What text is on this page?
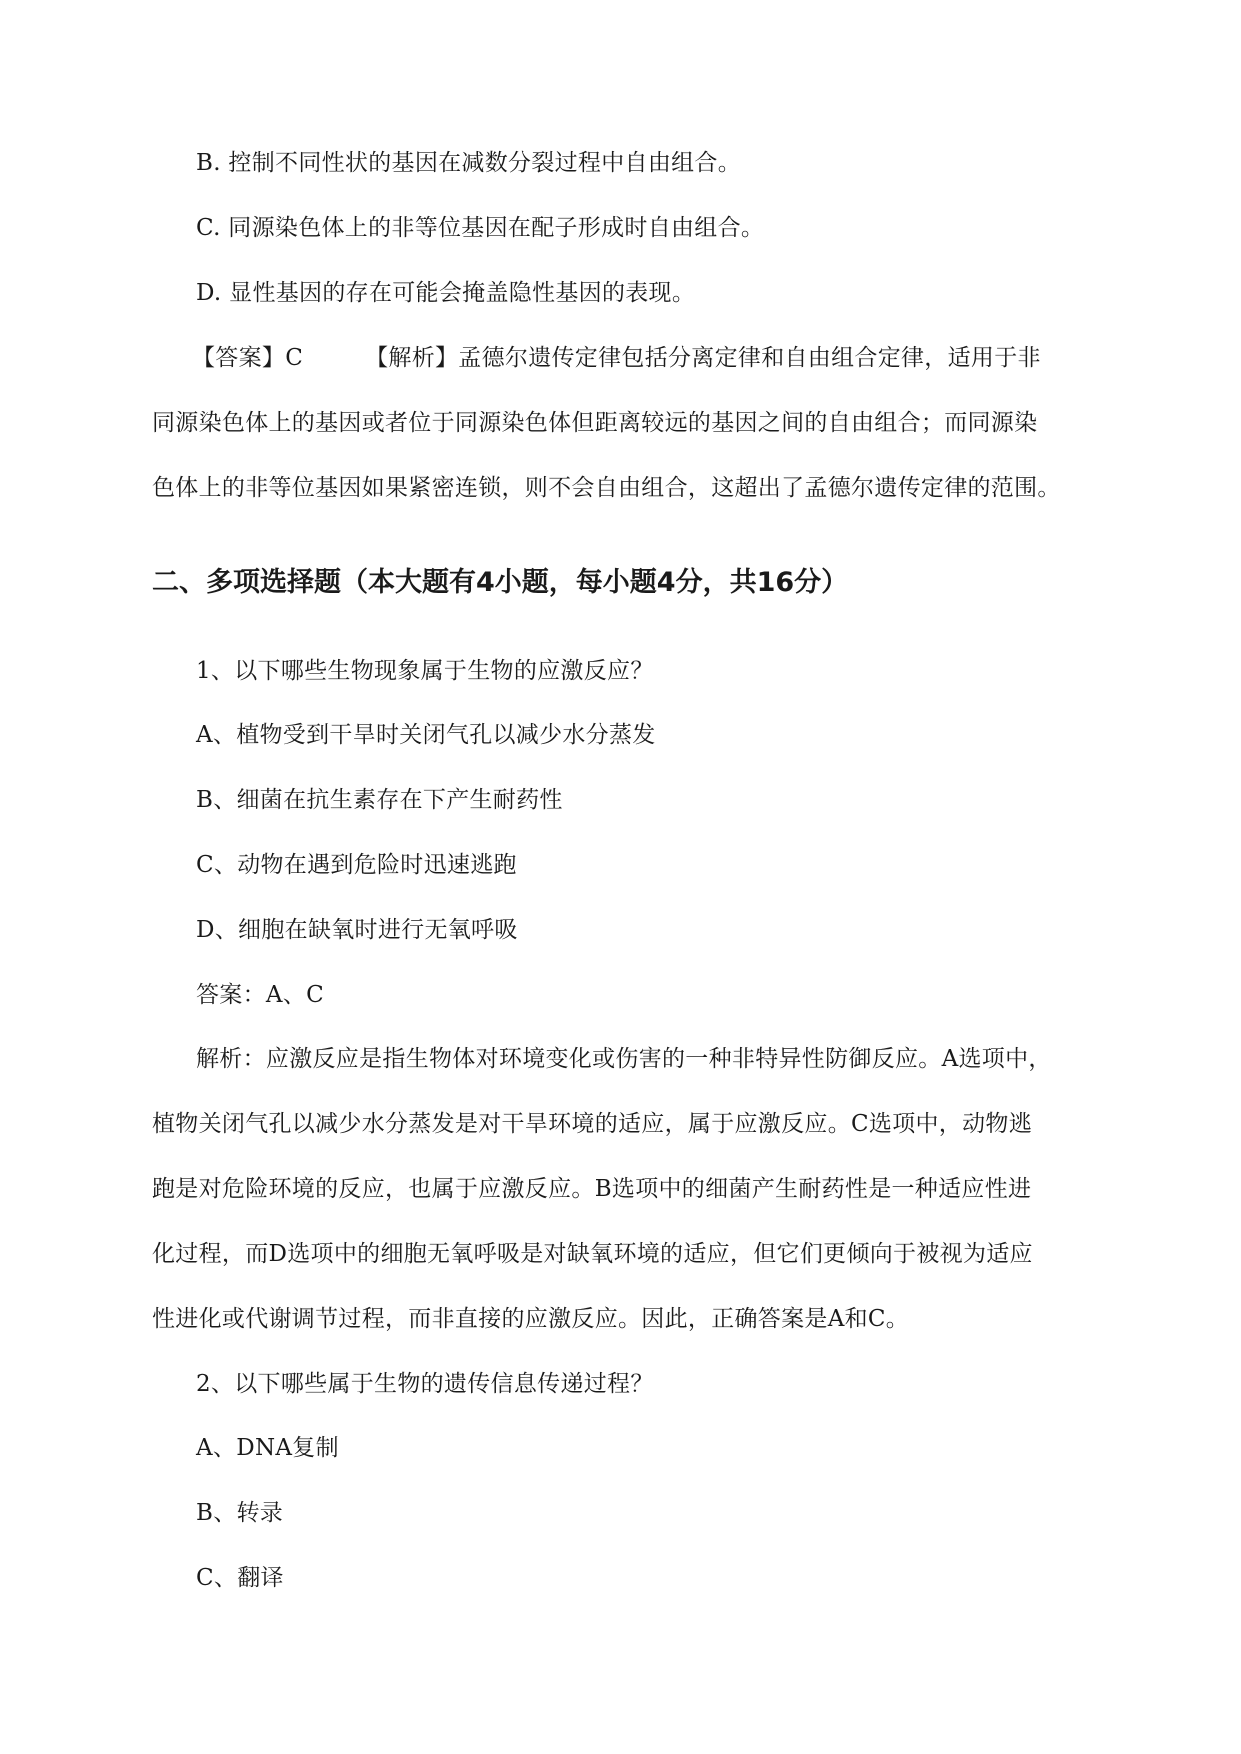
B. 控制不同性状的基因在减数分裂过程中自由组合。

C. 同源染色体上的非等位基因在配子形成时自由组合。

D. 显性基因的存在可能会掩盖隐性基因的表现。

【答案】C	【解析】孟德尔遗传定律包括分离定律和自由组合定律，适用于非

同源染色体上的基因或者位于同源染色体但距离较远的基因之间的自由组合；而同源染

色体上的非等位基因如果紧密连锁，则不会自由组合，这超出了孟德尔遗传定律的范围。

二、多项选择题（本大题有4小题，每小题4分，共16分）

1、以下哪些生物现象属于生物的应激反应？

A、植物受到干旱时关闭气孔以减少水分蒸发

B、细菌在抗生素存在下产生耐药性

C、动物在遇到危险时迅速逃跑

D、细胞在缺氧时进行无氧呼吸

答案：A、C

解析：应激反应是指生物体对环境变化或伤害的一种非特异性防御反应。A选项中，

植物关闭气孔以减少水分蒸发是对干旱环境的适应，属于应激反应。C选项中，动物逃

跑是对危险环境的反应，也属于应激反应。B选项中的细菌产生耐药性是一种适应性进

化过程，而D选项中的细胞无氧呼吸是对缺氧环境的适应，但它们更倾向于被视为适应

性进化或代谢调节过程，而非直接的应激反应。因此，正确答案是A和C。

2、以下哪些属于生物的遗传信息传递过程？

A、DNA复制

B、转录

C、翻译
